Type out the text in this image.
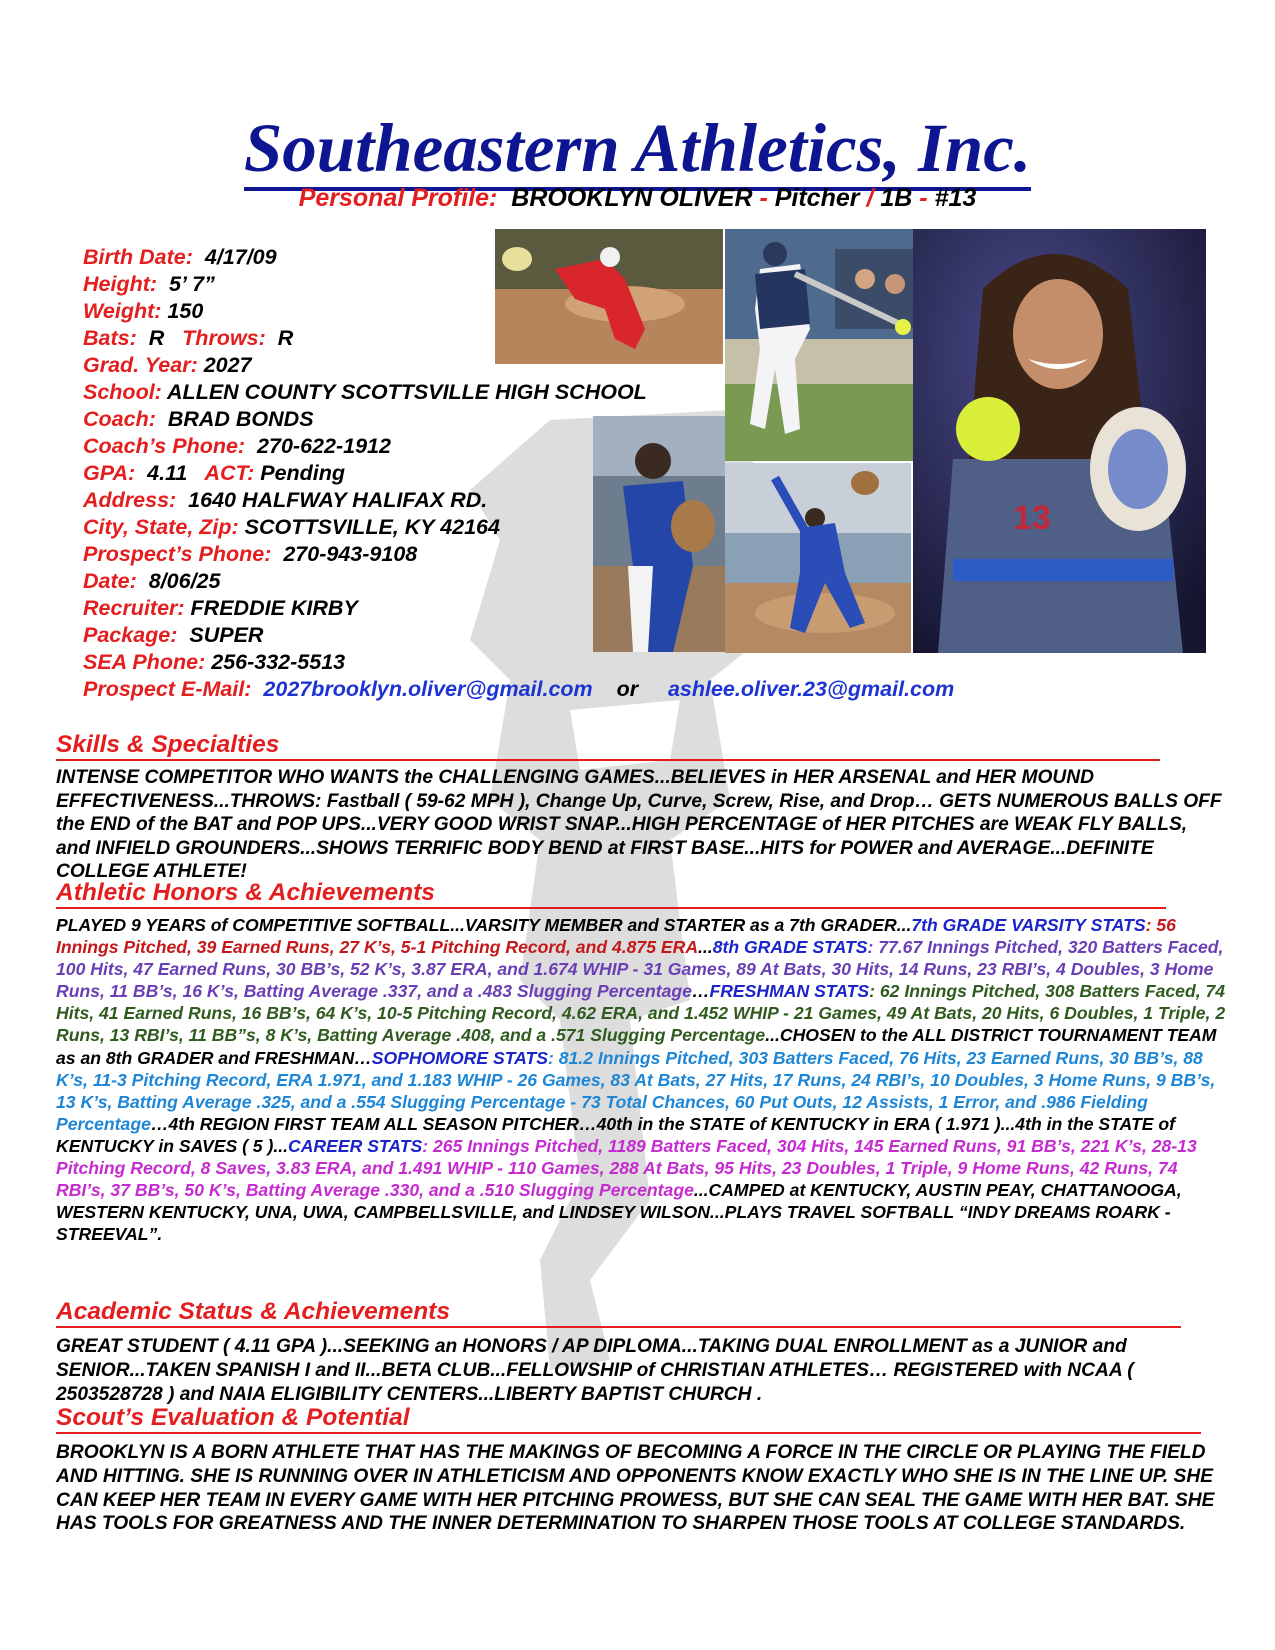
Southeastern Athletics, Inc.
Personal Profile: BROOKLYN OLIVER - Pitcher / 1B - #13
Birth Date: 4/17/09
Height: 5’ 7”
Weight: 150
Bats: R Throws: R
Grad. Year: 2027
School: ALLEN COUNTY SCOTTSVILLE HIGH SCHOOL
Coach: BRAD BONDS
Coach’s Phone: 270-622-1912
GPA: 4.11 ACT: Pending
Address: 1640 HALFWAY HALIFAX RD.
City, State, Zip: SCOTTSVILLE, KY 42164
Prospect’s Phone: 270-943-9108
Date: 8/06/25
Recruiter: FREDDIE KIRBY
Package: SUPER
SEA Phone: 256-332-5513
Prospect E-Mail: 2027brooklyn.oliver@gmail.com or ashlee.oliver.23@gmail.com
13
Skills & Specialties
INTENSE COMPETITOR WHO WANTS the CHALLENGING GAMES...BELIEVES in HER ARSENAL and HER MOUND EFFECTIVENESS...THROWS: Fastball ( 59-62 MPH ), Change Up, Curve, Screw, Rise, and Drop… GETS NUMEROUS BALLS OFF the END of the BAT and POP UPS...VERY GOOD WRIST SNAP...HIGH PERCENTAGE of HER PITCHES are WEAK FLY BALLS, and INFIELD GROUNDERS...SHOWS TERRIFIC BODY BEND at FIRST BASE...HITS for POWER and AVERAGE...DEFINITE COLLEGE ATHLETE!
Athletic Honors & Achievements
PLAYED 9 YEARS of COMPETITIVE SOFTBALL...VARSITY MEMBER and STARTER as a 7th GRADER...7th GRADE VARSITY STATS: 56 Innings Pitched, 39 Earned Runs, 27 K’s, 5-1 Pitching Record, and 4.875 ERA...8th GRADE STATS: 77.67 Innings Pitched, 320 Batters Faced, 100 Hits, 47 Earned Runs, 30 BB’s, 52 K’s, 3.87 ERA, and 1.674 WHIP - 31 Games, 89 At Bats, 30 Hits, 14 Runs, 23 RBI’s, 4 Doubles, 3 Home Runs, 11 BB’s, 16 K’s, Batting Average .337, and a .483 Slugging Percentage…FRESHMAN STATS: 62 Innings Pitched, 308 Batters Faced, 74 Hits, 41 Earned Runs, 16 BB’s, 64 K’s, 10-5 Pitching Record, 4.62 ERA, and 1.452 WHIP - 21 Games, 49 At Bats, 20 Hits, 6 Doubles, 1 Triple, 2 Runs, 13 RBI’s, 11 BB”s, 8 K’s, Batting Average .408, and a .571 Slugging Percentage...CHOSEN to the ALL DISTRICT TOURNAMENT TEAM as an 8th GRADER and FRESHMAN…SOPHOMORE STATS: 81.2 Innings Pitched, 303 Batters Faced, 76 Hits, 23 Earned Runs, 30 BB’s, 88 K’s, 11-3 Pitching Record, ERA 1.971, and 1.183 WHIP - 26 Games, 83 At Bats, 27 Hits, 17 Runs, 24 RBI’s, 10 Doubles, 3 Home Runs, 9 BB’s, 13 K’s, Batting Average .325, and a .554 Slugging Percentage - 73 Total Chances, 60 Put Outs, 12 Assists, 1 Error, and .986 Fielding Percentage…4th REGION FIRST TEAM ALL SEASON PITCHER…40th in the STATE of KENTUCKY in ERA ( 1.971 )...4th in the STATE of KENTUCKY in SAVES ( 5 )...CAREER STATS: 265 Innings Pitched, 1189 Batters Faced, 304 Hits, 145 Earned Runs, 91 BB’s, 221 K’s, 28-13 Pitching Record, 8 Saves, 3.83 ERA, and 1.491 WHIP - 110 Games, 288 At Bats, 95 Hits, 23 Doubles, 1 Triple, 9 Home Runs, 42 Runs, 74 RBI’s, 37 BB’s, 50 K’s, Batting Average .330, and a .510 Slugging Percentage...CAMPED at KENTUCKY, AUSTIN PEAY, CHATTANOOGA, WESTERN KENTUCKY, UNA, UWA, CAMPBELLSVILLE, and LINDSEY WILSON...PLAYS TRAVEL SOFTBALL “INDY DREAMS ROARK - STREEVAL”.
Academic Status & Achievements
GREAT STUDENT ( 4.11 GPA )...SEEKING an HONORS / AP DIPLOMA...TAKING DUAL ENROLLMENT as a JUNIOR and SENIOR...TAKEN SPANISH I and II...BETA CLUB...FELLOWSHIP of CHRISTIAN ATHLETES… REGISTERED with NCAA ( 2503528728 ) and NAIA ELIGIBILITY CENTERS...LIBERTY BAPTIST CHURCH .
Scout’s Evaluation & Potential
BROOKLYN IS A BORN ATHLETE THAT HAS THE MAKINGS OF BECOMING A FORCE IN THE CIRCLE OR PLAYING THE FIELD AND HITTING. SHE IS RUNNING OVER IN ATHLETICISM AND OPPONENTS KNOW EXACTLY WHO SHE IS IN THE LINE UP. SHE CAN KEEP HER TEAM IN EVERY GAME WITH HER PITCHING PROWESS, BUT SHE CAN SEAL THE GAME WITH HER BAT. SHE HAS TOOLS FOR GREATNESS AND THE INNER DETERMINATION TO SHARPEN THOSE TOOLS AT COLLEGE STANDARDS.
